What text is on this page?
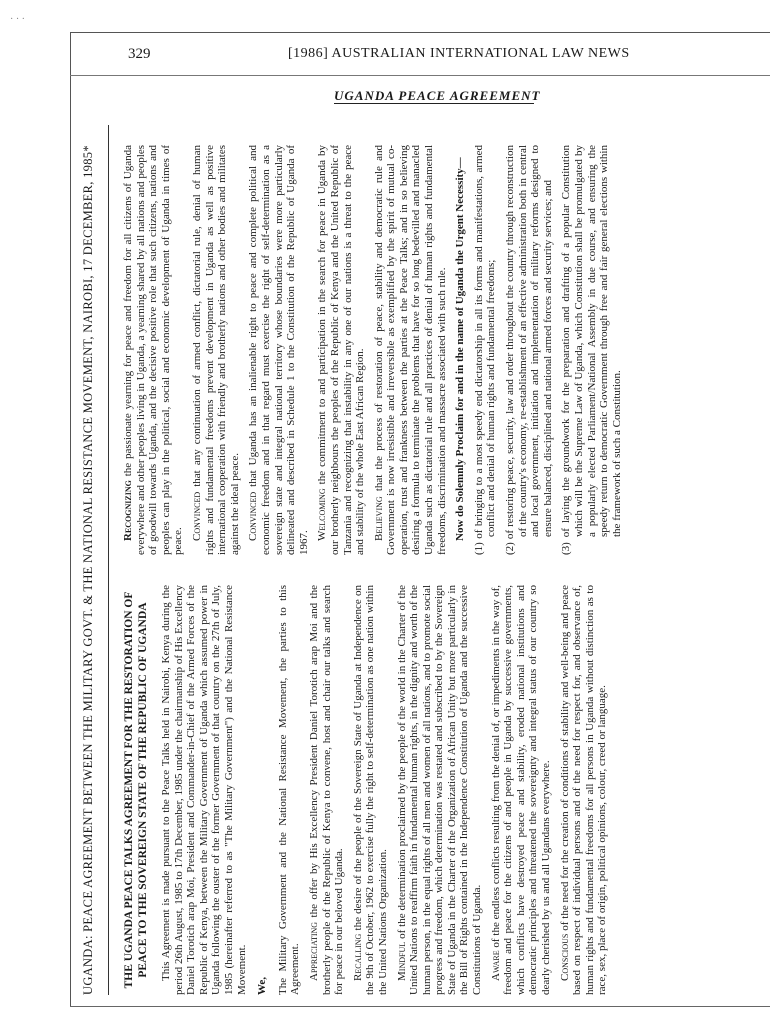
· · ·
329	[1986] AUSTRALIAN INTERNATIONAL LAW NEWS
UGANDA PEACE AGREEMENT
UGANDA: PEACE AGREEMENT BETWEEN THE MILITARY GOVT. & THE NATIONAL RESISTANCE MOVEMENT, NAIROBI, 17 DECEMBER, 1985*	THE UGANDA PEACE TALKS AGREEMENT FOR THE RESTORATION OF PEACE TO THE SOVEREIGN STATE OF THE REPUBLIC OF UGANDA This Agreement is made pursuant to the Peace Talks held in Nairobi, Kenya during the period 26th August, 1985 to 17th December, 1985 under the chairmanship of His Excellency Daniel Torotich arap Moi, President and Commander-in-Chief of the Armed Forces of the Republic of Kenya, between the Military Government of Uganda which assumed power in Uganda following the ouster of the former Government of that country on the 27th of July, 1985 (hereinafter referred to as "The Military Government") and the National Resistance Movement. We, The Military Government and the National Resistance Movement, the parties to this Agreement. Appreciating the offer by His Excellency President Daniel Torotich arap Moi and the brotherly people of the Republic of Kenya to convene, host and chair our talks and search for peace in our beloved Uganda. Recalling the desire of the people of the Sovereign State of Uganda at Independence on the 9th of October, 1962 to exercise fully the right to self-determination as one nation within the United Nations Organization. Mindful of the determination proclaimed by the people of the world in the Charter of the United Nations to reaffirm faith in fundamental human rights, in the dignity and worth of the human person, in the equal rights of all men and women of all nations, and to promote social progress and freedom, which determination was restated and subscribed to by the Sovereign State of Uganda in the Charter of the Organization of African Unity but more particularly in the Bill of Rights contained in the Independence Constitution of Uganda and the successive Constitutions of Uganda. Aware of the endless conflicts resulting from the denial of, or impediments in the way of, freedom and peace for the citizens of and people in Uganda by successive governments, which conflicts have destroyed peace and stability, eroded national institutions and democratic principles and threatened the sovereignty and integral status of our country so dearly cherished by us and all Ugandans everywhere. Conscious of the need for the creation of conditions of stability and well-being and peace based on respect of individual persons and of the need for respect for, and observance of, human rights and fundamental freedoms for all persons in Uganda without distinction as to race, sex, place of origin, political opinions, colour, creed or language.

Recognizing the passionate yearning for peace and freedom for all citizens of Uganda everywhere and other peoples living in Uganda, a yearning shared by all nations and peoples of goodwill towards Uganda, and the decisive positive role that such citizens, nations and peoples can play in the political, social and economic development of Uganda in times of peace.

Convinced that any continuation of armed conflict, dictatorial rule, denial of human rights and fundamental freedoms prevent development in Uganda as well as positive international cooperation with friendly and brotherly nations and other bodies and militates against the ideal peace. Convinced that Uganda has an inalienable right to peace and complete political and economic freedom and in that regard must exercise the right of self-determination as a sovereign state and integral national territory whose boundaries were more particularly delineated and described in Schedule 1 to the Constitution of the Republic of Uganda of 1967.

Welcoming the commitment to and participation in the search for peace in Uganda by our brotherly neighbours the peoples of the Republic of Kenya and the United Republic of Tanzania and recognizing that instability in any one of our nations is a threat to the peace and stability of the whole East African Region. Believing that the process of restoration of peace, stability and democratic rule and Government is now irresistible and irreversible as exemplified by the spirit of mutual co-operation, trust and frankness between the parties at the Peace Talks; and in so believing desiring a formula to terminate the problems that have for so long bedevilled and manacled Uganda such as dictatorial rule and all practices of denial of human rights and fundamental freedoms, discrimination and massacre associated with such rule. Now do Solemnly Proclaim for and in the name of Uganda the Urgent Necessity— (1) of bringing to a most speedy end dictatorship in all its forms and manifestations, armed conflict and denial of human rights and fundamental freedoms; (2) of restoring peace, security, law and order throughout the country through reconstruction of the country's economy, re-establishment of an effective administration both in central and local government, initiation and implementation of military reforms designed to ensure balanced, disciplined and national armed forces and security services; and (3) of laying the groundwork for the preparation and drafting of a popular Constitution which will be the Supreme Law of Uganda, which Constitution shall be promulgated by a popularly elected Parliament/National Assembly in due course, and ensuring the speedy return to democratic Government through free and fair general elections within the framework of such a Constitution.
